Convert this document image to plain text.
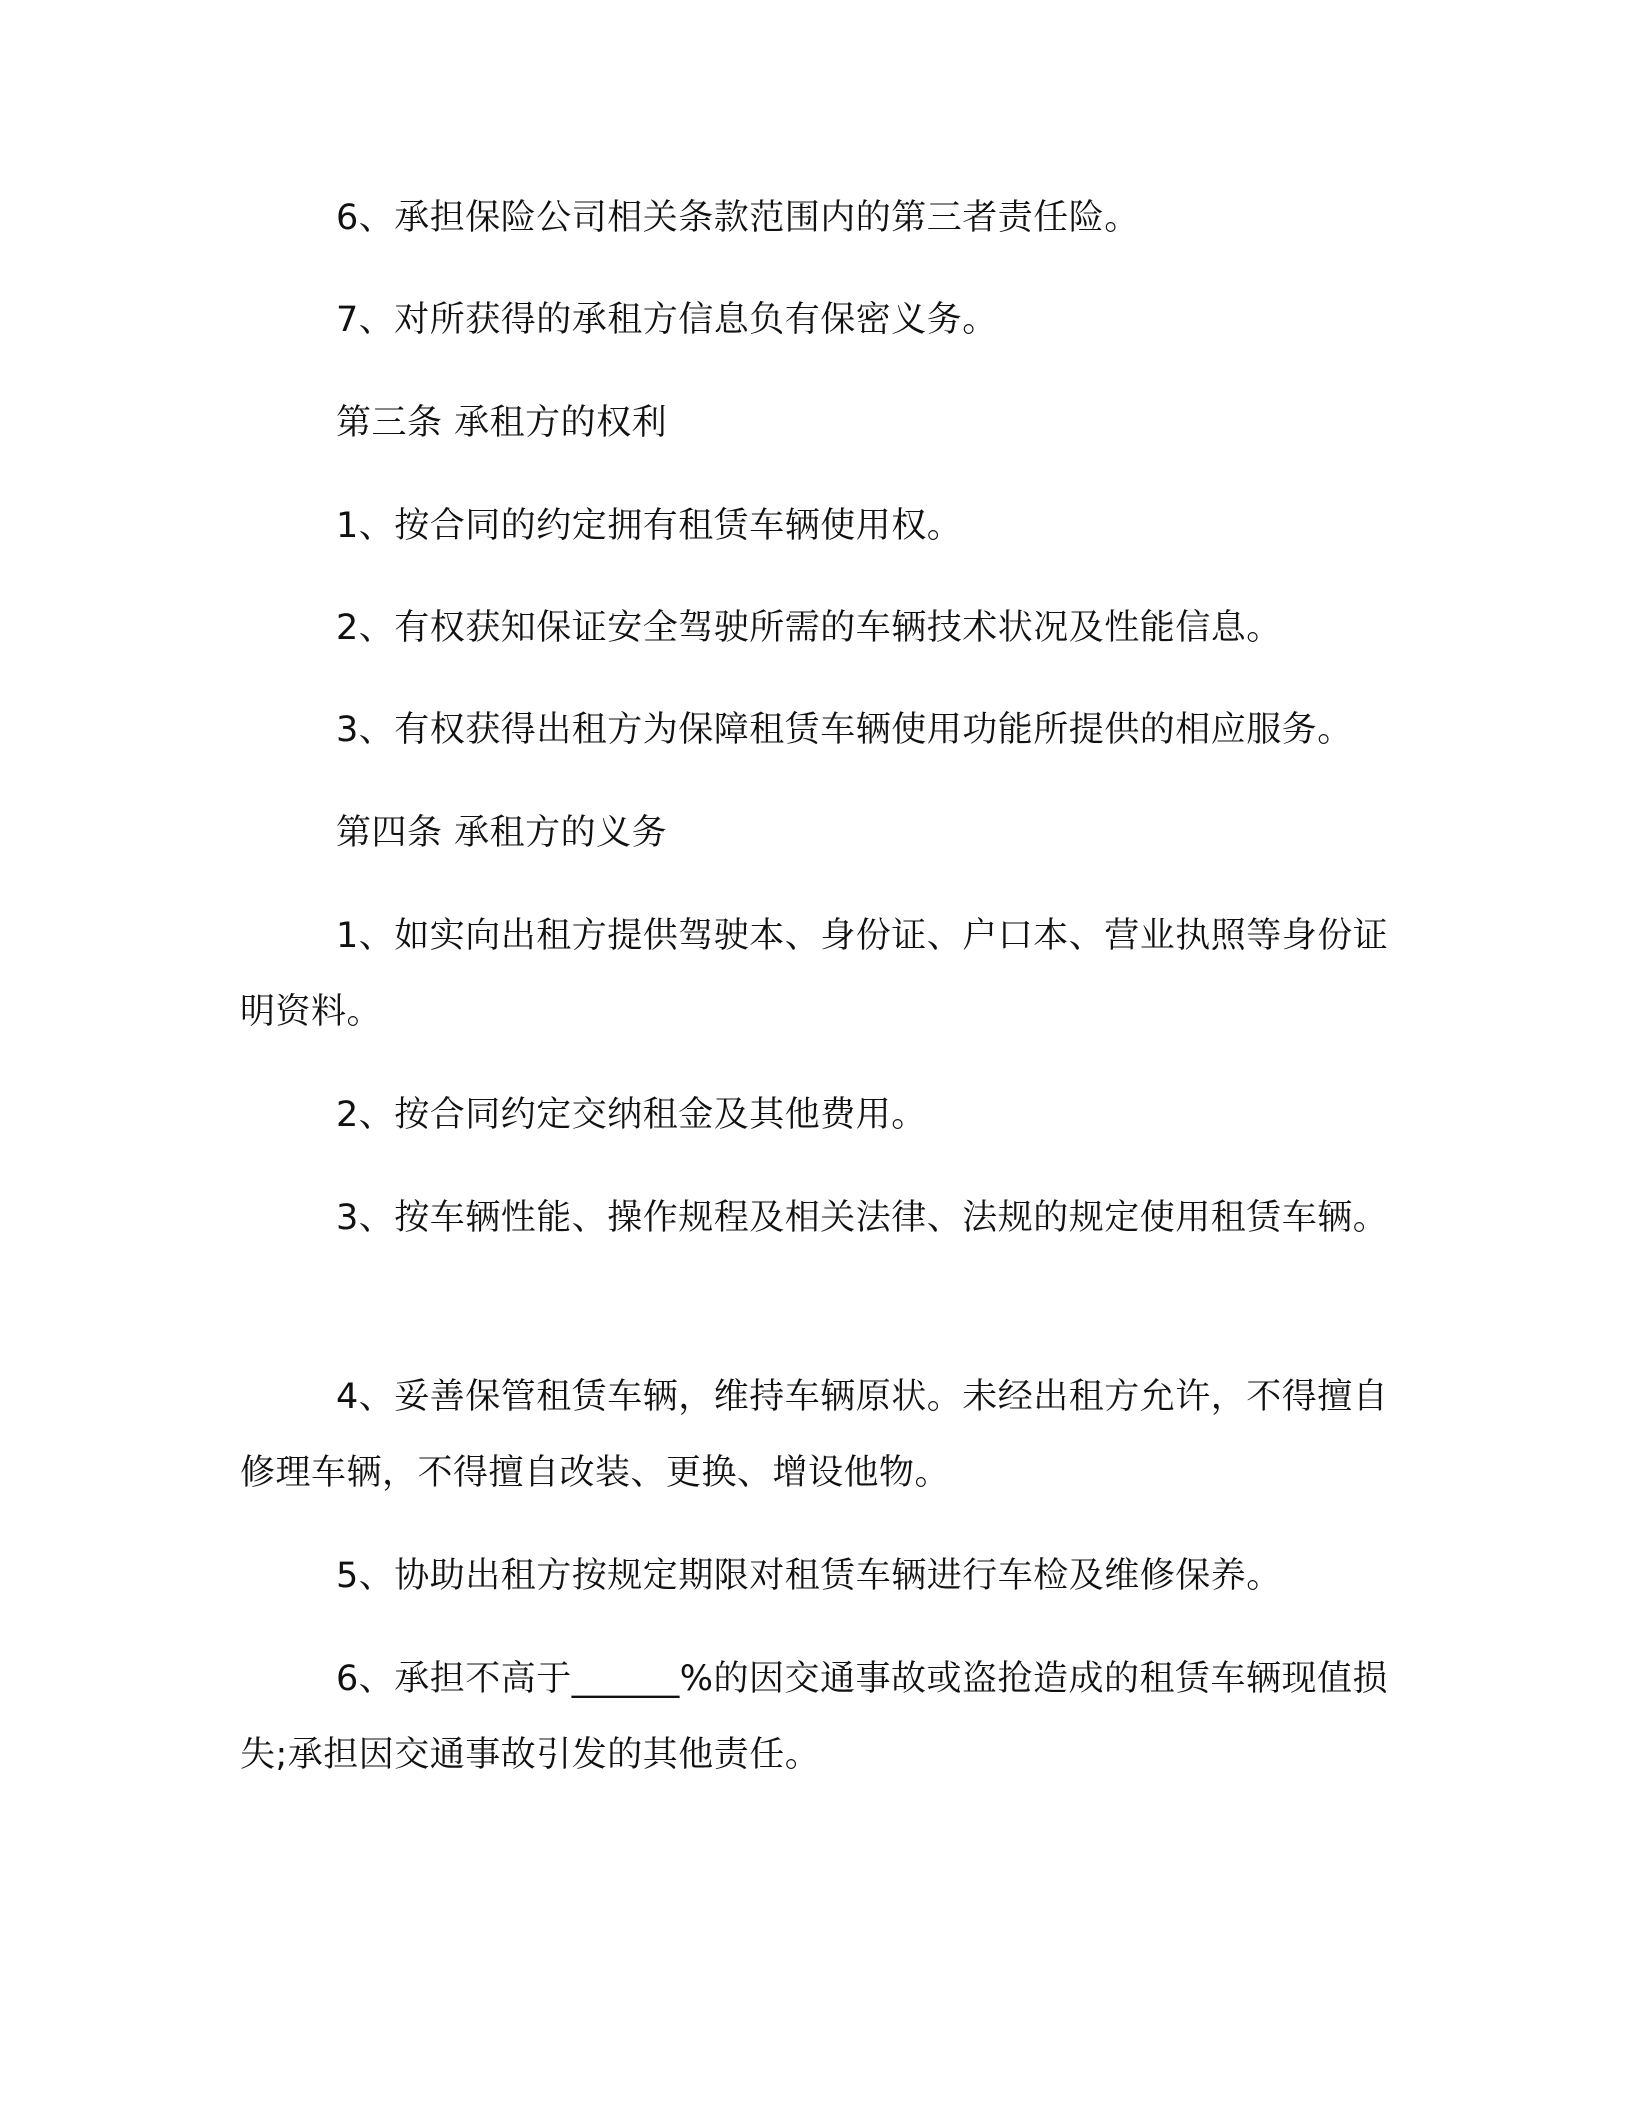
6、承担保险公司相关条款范围内的第三者责任险。

7、对所获得的承租方信息负有保密义务。

第三条 承租方的权利

1、按合同的约定拥有租赁车辆使用权。

2、有权获知保证安全驾驶所需的车辆技术状况及性能信息。

3、有权获得出租方为保障租赁车辆使用功能所提供的相应服务。

第四条 承租方的义务

1、如实向出租方提供驾驶本、身份证、户口本、营业执照等身份证明资料。

2、按合同约定交纳租金及其他费用。

3、按车辆性能、操作规程及相关法律、法规的规定使用租赁车辆。

4、妥善保管租赁车辆，维持车辆原状。未经出租方允许，不得擅自修理车辆，不得擅自改装、更换、增设他物。

5、协助出租方按规定期限对租赁车辆进行车检及维修保养。

6、承担不高于______%的因交通事故或盗抢造成的租赁车辆现值损失;承担因交通事故引发的其他责任。
